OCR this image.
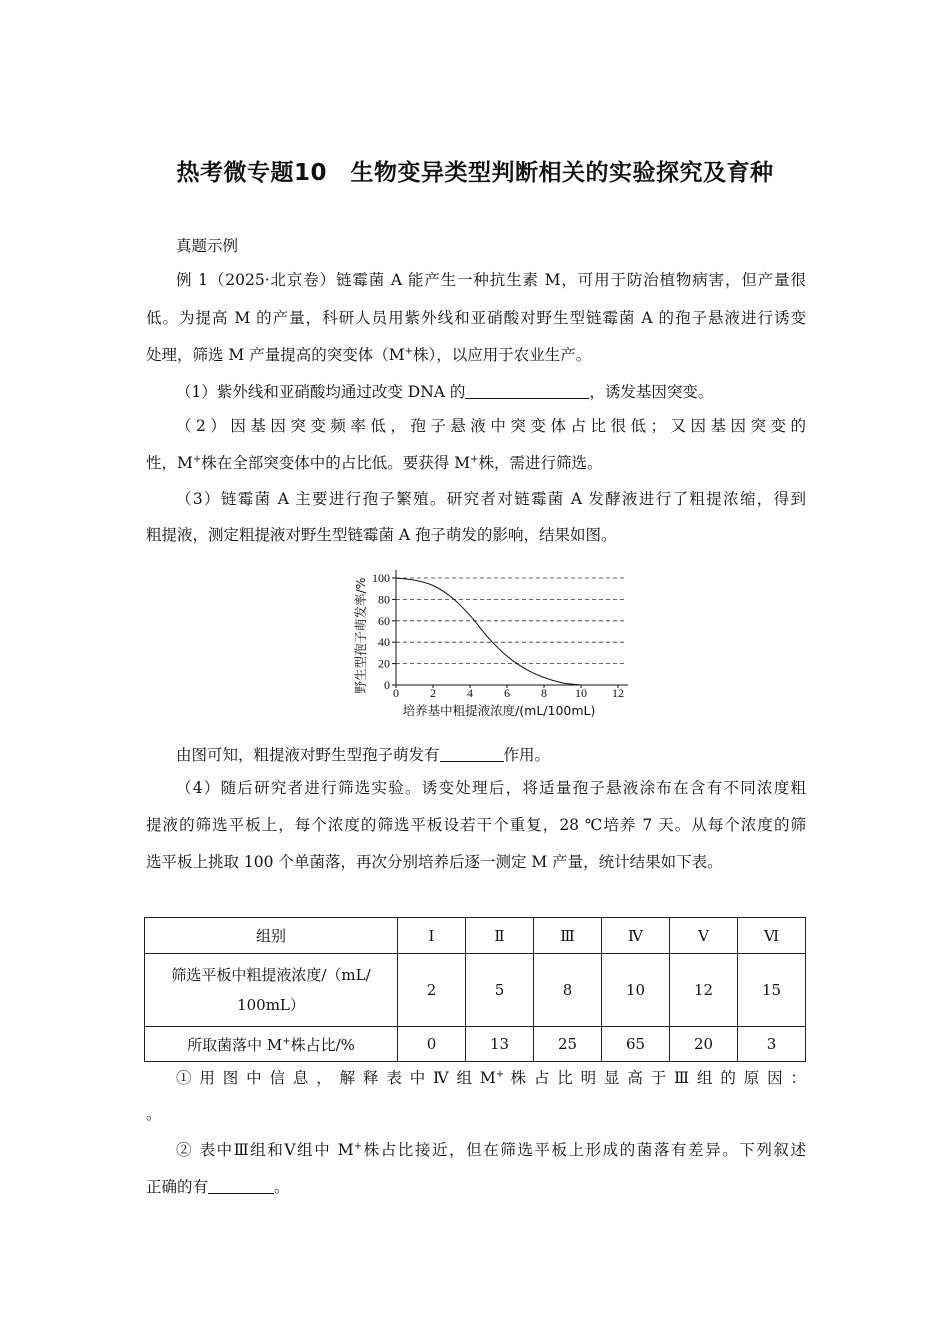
热考微专题10　生物变异类型判断相关的实验探究及育种
真题示例
例 1（2025·北京卷）链霉菌 A 能产生一种抗生素 M，可用于防治植物病害，但产量很
低。为提高 M 的产量，科研人员用紫外线和亚硝酸对野生型链霉菌 A 的孢子悬液进行诱变
处理，筛选 M 产量提高的突变体（M+株），以应用于农业生产。
（1）紫外线和亚硝酸均通过改变 DNA 的	，诱发基因突变。
（2）因基因突变频率低，孢子悬液中突变体占比很低；又因基因突变的
性，M+株在全部突变体中的占比低。要获得 M+株，需进行筛选。
（3）链霉菌 A 主要进行孢子繁殖。研究者对链霉菌 A 发酵液进行了粗提浓缩，得到
粗提液，测定粗提液对野生型链霉菌 A 孢子萌发的影响，结果如图。
0
20
40
60
80
100
0	2	4	6	8 10 12
培养基中粗提液浓度/(mL/100mL)
野生型孢子萌发率/%
由图可知，粗提液对野生型孢子萌发有	作用。
（4）随后研究者进行筛选实验。诱变处理后，将适量孢子悬液涂布在含有不同浓度粗
提液的筛选平板上，每个浓度的筛选平板设若干个重复，28 ℃培养 7 天。从每个浓度的筛
选平板上挑取 100 个单菌落，再次分别培养后逐一测定 M 产量，统计结果如下表。
组别	Ⅰ	Ⅱ	Ⅲ	Ⅳ	Ⅴ	Ⅵ
筛选平板中粗提液浓度/（mL/
100mL）	2	5	8	10	12	15
所取菌落中 M+株占比/%	0	13	25	65	20	3
① 用 图 中 信 息 ， 解 释 表 中 Ⅳ 组 M+ 株 占 比 明 显 高 于 Ⅲ 组 的 原 因 ：
。
② 表中Ⅲ组和Ⅴ组中 M+株占比接近，但在筛选平板上形成的菌落有差异。下列叙述
正确的有	。
